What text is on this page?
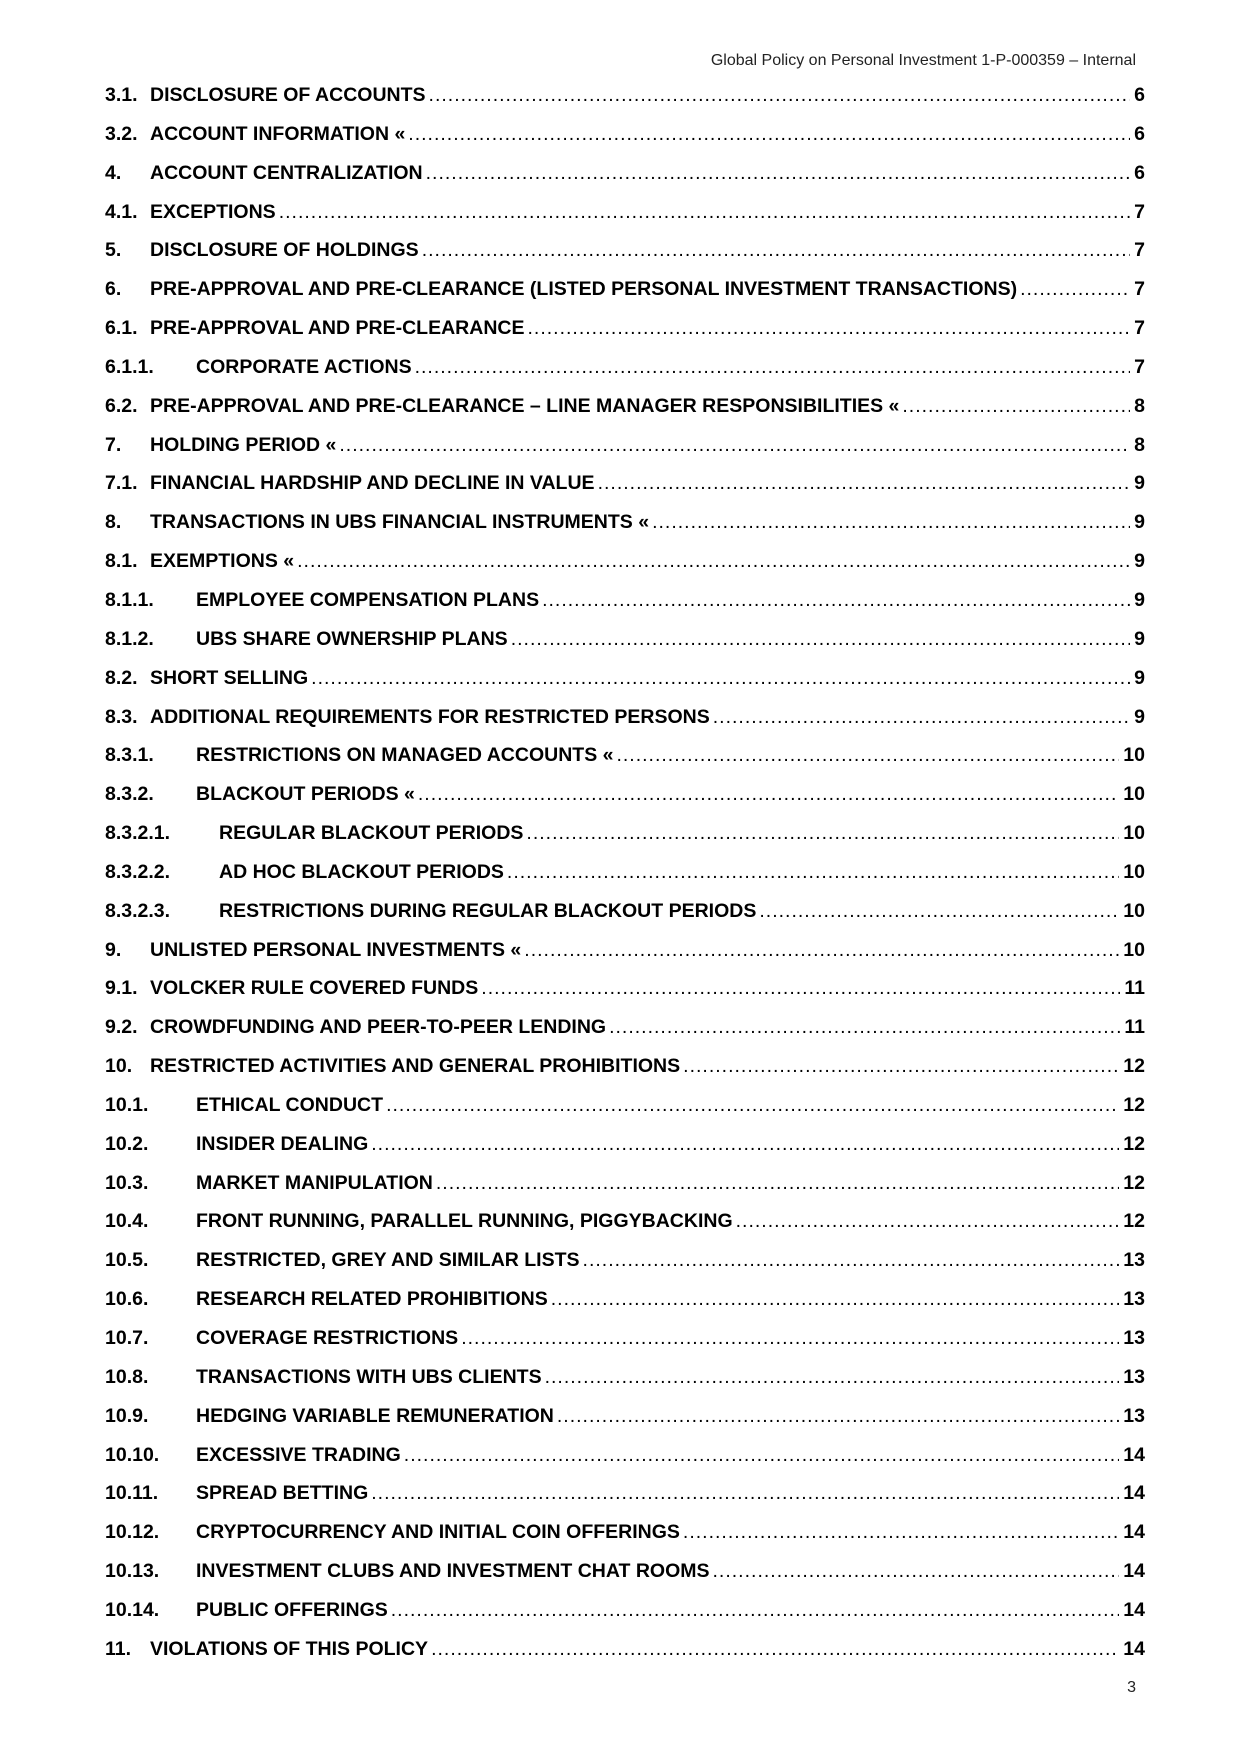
Global Policy on Personal Investment 1-P-000359 – Internal
3.1. DISCLOSURE OF ACCOUNTS .....	6
3.2. ACCOUNT INFORMATION « .....	6
4.	ACCOUNT CENTRALIZATION .....	6
4.1. EXCEPTIONS .....	7
5.	DISCLOSURE OF HOLDINGS .....	7
6.	PRE-APPROVAL AND PRE-CLEARANCE (LISTED PERSONAL INVESTMENT TRANSACTIONS) .....	7
6.1. PRE-APPROVAL AND PRE-CLEARANCE .....	7
6.1.1.	CORPORATE ACTIONS .....	7
6.2. PRE-APPROVAL AND PRE-CLEARANCE – LINE MANAGER RESPONSIBILITIES « .....	8
7.	HOLDING PERIOD « .....	8
7.1. FINANCIAL HARDSHIP AND DECLINE IN VALUE .....	9
8.	TRANSACTIONS IN UBS FINANCIAL INSTRUMENTS « .....	9
8.1. EXEMPTIONS « .....	9
8.1.1.	EMPLOYEE COMPENSATION PLANS .....	9
8.1.2.	UBS SHARE OWNERSHIP PLANS .....	9
8.2. SHORT SELLING .....	9
8.3. ADDITIONAL REQUIREMENTS FOR RESTRICTED PERSONS .....	9
8.3.1.	RESTRICTIONS ON MANAGED ACCOUNTS « .....	10
8.3.2.	BLACKOUT PERIODS « .....	10
8.3.2.1.	REGULAR BLACKOUT PERIODS .....	10
8.3.2.2.	AD HOC BLACKOUT PERIODS .....	10
8.3.2.3.	RESTRICTIONS DURING REGULAR BLACKOUT PERIODS .....	10
9.	UNLISTED PERSONAL INVESTMENTS « .....	10
9.1. VOLCKER RULE COVERED FUNDS .....	11
9.2. CROWDFUNDING AND PEER-TO-PEER LENDING .....	11
10. RESTRICTED ACTIVITIES AND GENERAL PROHIBITIONS .....	12
10.1.	ETHICAL CONDUCT .....	12
10.2.	INSIDER DEALING .....	12
10.3.	MARKET MANIPULATION .....	12
10.4.	FRONT RUNNING, PARALLEL RUNNING, PIGGYBACKING .....	12
10.5.	RESTRICTED, GREY AND SIMILAR LISTS .....	13
10.6.	RESEARCH RELATED PROHIBITIONS .....	13
10.7.	COVERAGE RESTRICTIONS .....	13
10.8.	TRANSACTIONS WITH UBS CLIENTS .....	13
10.9.	HEDGING VARIABLE REMUNERATION .....	13
10.10.	EXCESSIVE TRADING .....	14
10.11.	SPREAD BETTING .....	14
10.12.	CRYPTOCURRENCY AND INITIAL COIN OFFERINGS .....	14
10.13.	INVESTMENT CLUBS AND INVESTMENT CHAT ROOMS .....	14
10.14.	PUBLIC OFFERINGS .....	14
11. VIOLATIONS OF THIS POLICY .....	14
3
